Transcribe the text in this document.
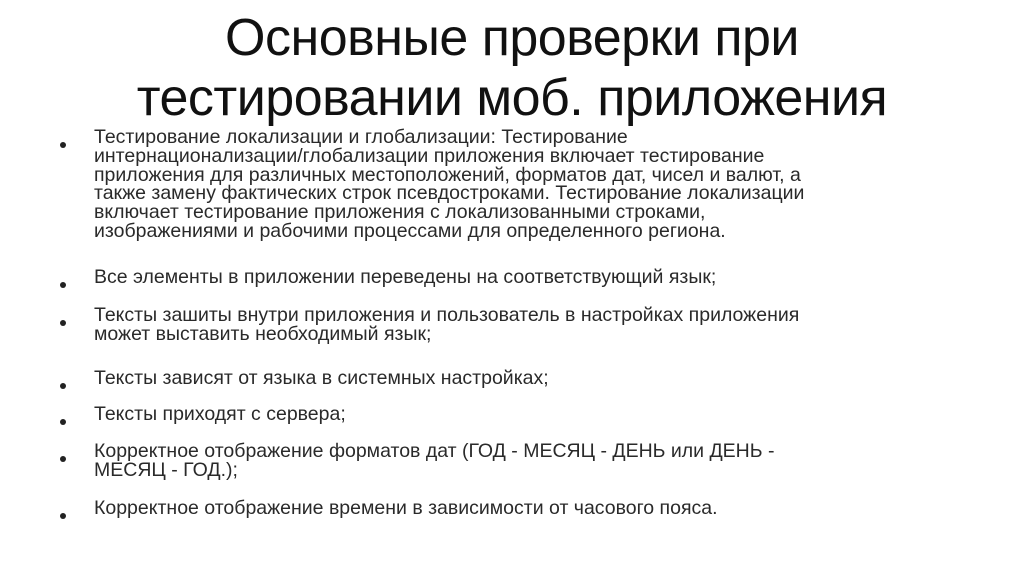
Основные проверки при
тестировании моб. приложения
Тестирование локализации и глобализации: Тестирование
интернационализации/глобализации приложения включает тестирование
приложения для различных местоположений, форматов дат, чисел и валют, а
также замену фактических строк псевдостроками. Тестирование локализации
включает тестирование приложения с локализованными строками,
изображениями и рабочими процессами для определенного региона.
Все элементы в приложении переведены на соответствующий язык;
Тексты зашиты внутри приложения и пользователь в настройках приложения
может выставить необходимый язык;
Тексты зависят от языка в системных настройках;
Тексты приходят с сервера;
Корректное отображение форматов дат (ГОД - МЕСЯЦ - ДЕНЬ или ДЕНЬ -
МЕСЯЦ - ГОД.);
Корректное отображение времени в зависимости от часового пояса.
